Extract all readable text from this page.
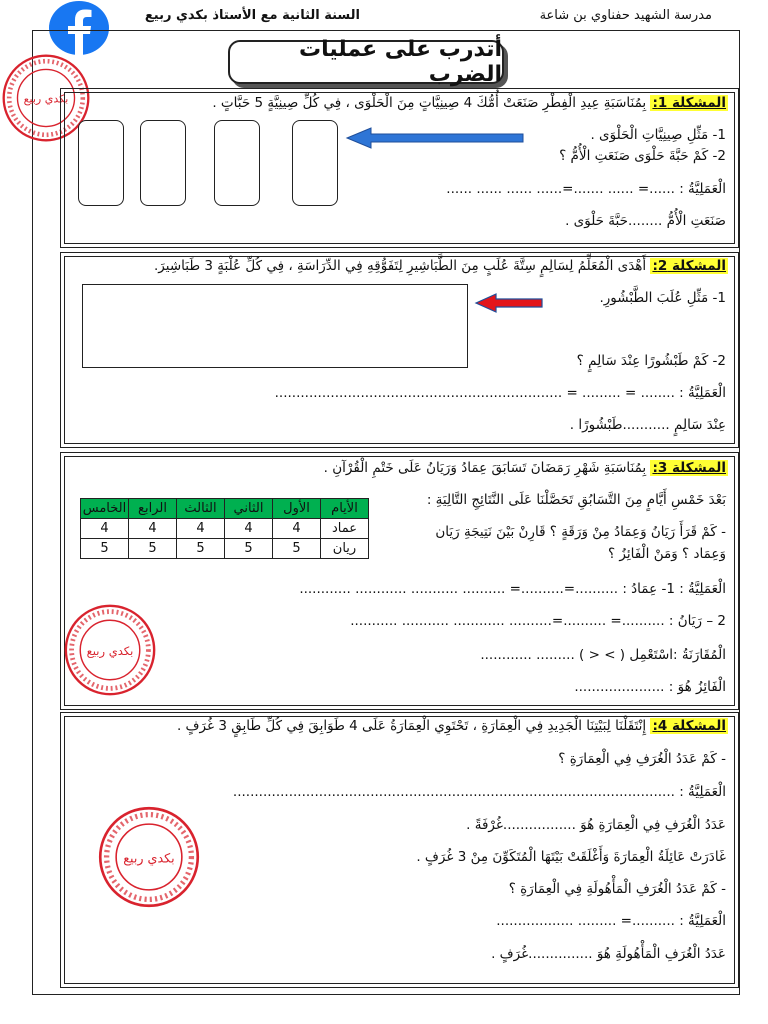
مدرسة الشهيد حفناوي بن شاعة
السنة الثانية مع الأستاذ بكدي ربيع
أتدرب على عمليات الضرب
بكدي ربيع	المشكلة 1: بِمُنَاسَبَةِ عِيدِ الْفِطْرِ صَنَعَتْ أُمُّكَ 4 صِينِيَّاتٍ مِنَ الْحَلْوَى ، فِي كُلِّ صِينِيَّةٍ 5 حَبَّاتٍ .
1- مَثِّلِ صِينِيَّاتِ الْحَلْوَى .
2- كَمْ حَبَّةَ حَلْوَى صَنَعَتِ الْأُمُّ ؟
الْعَمَلِيَّةُ : ......= ...... .......=...... ...... ...... ......
صَنَعَتِ الْأُمُّ ........حَبَّةَ حَلْوَى .
المشكلة 2: أَهْدَى الْمُعَلِّمُ لِسَالِمٍ سِتَّةَ عُلَبٍ مِنَ الطَّبَاشِيرِ لِتَفَوُّقِهِ فِي الدِّرَاسَةِ ، فِي كُلِّ عُلْبَةٍ 3 طَبَاشِيرَ.
1- مَثِّلِ عُلَبَ الطَّبْشُورِ.
2- كَمْ طَبْشُورًا عِنْدَ سَالِمٍ ؟
الْعَمَلِيَّةُ : ........ = ......... = ...................................................................
عِنْدَ سَالِمٍ ...........طَبْشُورًا .
المشكلة 3: بِمُنَاسَبَةِ شَهْرِ رَمَضَانَ تَسَابَقَ عِمَادُ وَرَيَانُ عَلَى خَتْمِ الْقُرْآنِ .
بَعْدَ خَمْسِ أَيَّامٍ مِنَ التَّسَابُقِ تَحَصَّلْنَا عَلَى النَّتَائِجِ التَّالِيَةِ :
- كَمْ قَرَأَ رَيَانُ وَعِمَادُ مِنْ وَرَقَةٍ ؟ قَارِنْ بَيْنَ نَتِيجَةِ رَيَان
وَعِمَاد ؟ وَمَنْ الْفَائِزُ ؟
الأيام	الأول	الثاني	الثالث	الرابع	الخامس
عماد	4	4	4	4	4
ريان	5	5	5	5	5
بكدي ربيع
الْعَمَلِيَّةُ : 1- عِمَادُ : ..........=..........= .......... ........... ............ ............
2 – رَيَانُ : ..........= ..........=.......... ............ ........... ...........
الْمُقَارَنَةُ :اسْتَعْمِل ( > < ) ......... ............
الْفَائِزُ هُوَ : .....................
المشكلة 4: إِنْتَقَلْنَا لِبَيْتِنَا الْجَدِيدِ فِي الْعِمَارَةِ ، تَحْتَوِي الْعِمَارَةُ عَلَى 4 طَوَابِقَ فِي كُلِّ طَابِقٍ 3 غُرَفٍ .
- كَمْ عَدَدُ الْغُرَفِ فِي الْعِمَارَةِ ؟
الْعَمَلِيَّةُ : .......................................................................................................
عَدَدُ الْغُرَفِ فِي الْعِمَارَةِ هُوَ .................غُرْفَةً .
غَادَرَتْ عَائِلَةُ الْعِمَارَةَ وَأَغْلَقَتْ بَيْتَهَا الْمُتَكَوِّنَ مِنْ 3 غُرَفٍ .
- كَمْ عَدَدُ الْغُرَفِ الْمَأْهُولَةِ فِي الْعِمَارَةِ ؟
الْعَمَلِيَّةُ : ..........= ......... ..................
عَدَدُ الْغُرَفِ الْمَأْهُولَةِ هُوَ ...............غُرَفٍ .
بكدي ربيع
